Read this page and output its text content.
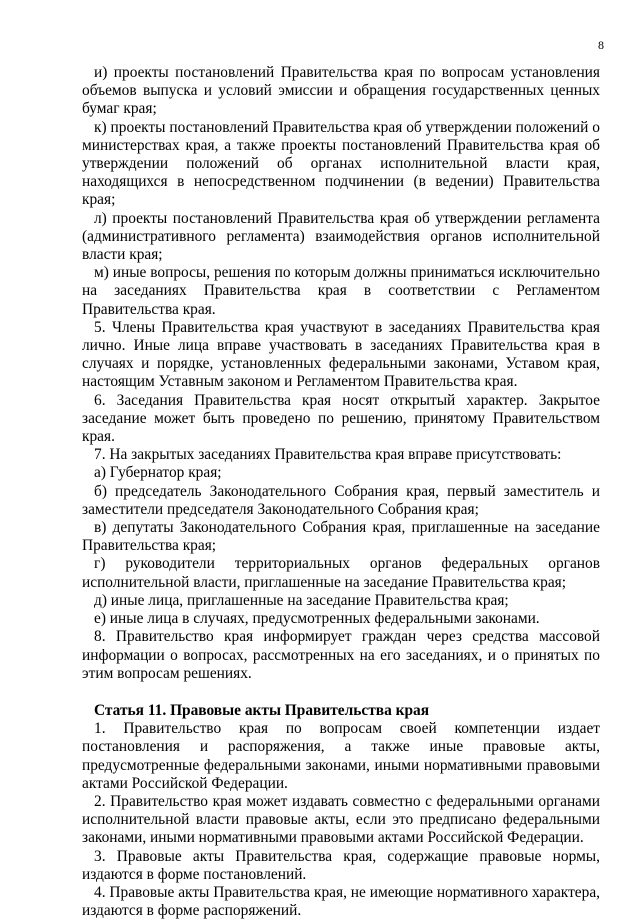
8

и) проекты постановлений Правительства края по вопросам установления объемов выпуска и условий эмиссии и обращения государственных ценных бумаг края;

к) проекты постановлений Правительства края об утверждении положений о министерствах края, а также проекты постановлений Правительства края об утверждении положений об органах исполнительной власти края, находящихся в непосредственном подчинении (в ведении) Правительства края;

л) проекты постановлений Правительства края об утверждении регламента (административного регламента) взаимодействия органов исполнительной власти края;

м) иные вопросы, решения по которым должны приниматься исключительно на заседаниях Правительства края в соответствии с Регламентом Правительства края.

5. Члены Правительства края участвуют в заседаниях Правительства края лично. Иные лица вправе участвовать в заседаниях Правительства края в случаях и порядке, установленных федеральными законами, Уставом края, настоящим Уставным законом и Регламентом Правительства края.

6. Заседания Правительства края носят открытый характер. Закрытое заседание может быть проведено по решению, принятому Правительством края.

7. На закрытых заседаниях Правительства края вправе присутствовать:

а) Губернатор края;

б) председатель Законодательного Собрания края, первый заместитель и заместители председателя Законодательного Собрания края;

в) депутаты Законодательного Собрания края, приглашенные на заседание Правительства края;

г) руководители территориальных органов федеральных органов исполнительной власти, приглашенные на заседание Правительства края;

д) иные лица, приглашенные на заседание Правительства края;

е) иные лица в случаях, предусмотренных федеральными законами.

8. Правительство края информирует граждан через средства массовой информации о вопросах, рассмотренных на его заседаниях, и о принятых по этим вопросам решениях.

Статья 11. Правовые акты Правительства края

1. Правительство края по вопросам своей компетенции издает постановления и распоряжения, а также иные правовые акты, предусмотренные федеральными законами, иными нормативными правовыми актами Российской Федерации.

2. Правительство края может издавать совместно с федеральными органами исполнительной власти правовые акты, если это предписано федеральными законами, иными нормативными правовыми актами Российской Федерации.

3. Правовые акты Правительства края, содержащие правовые нормы, издаются в форме постановлений.

4. Правовые акты Правительства края, не имеющие нормативного характера, издаются в форме распоряжений.
